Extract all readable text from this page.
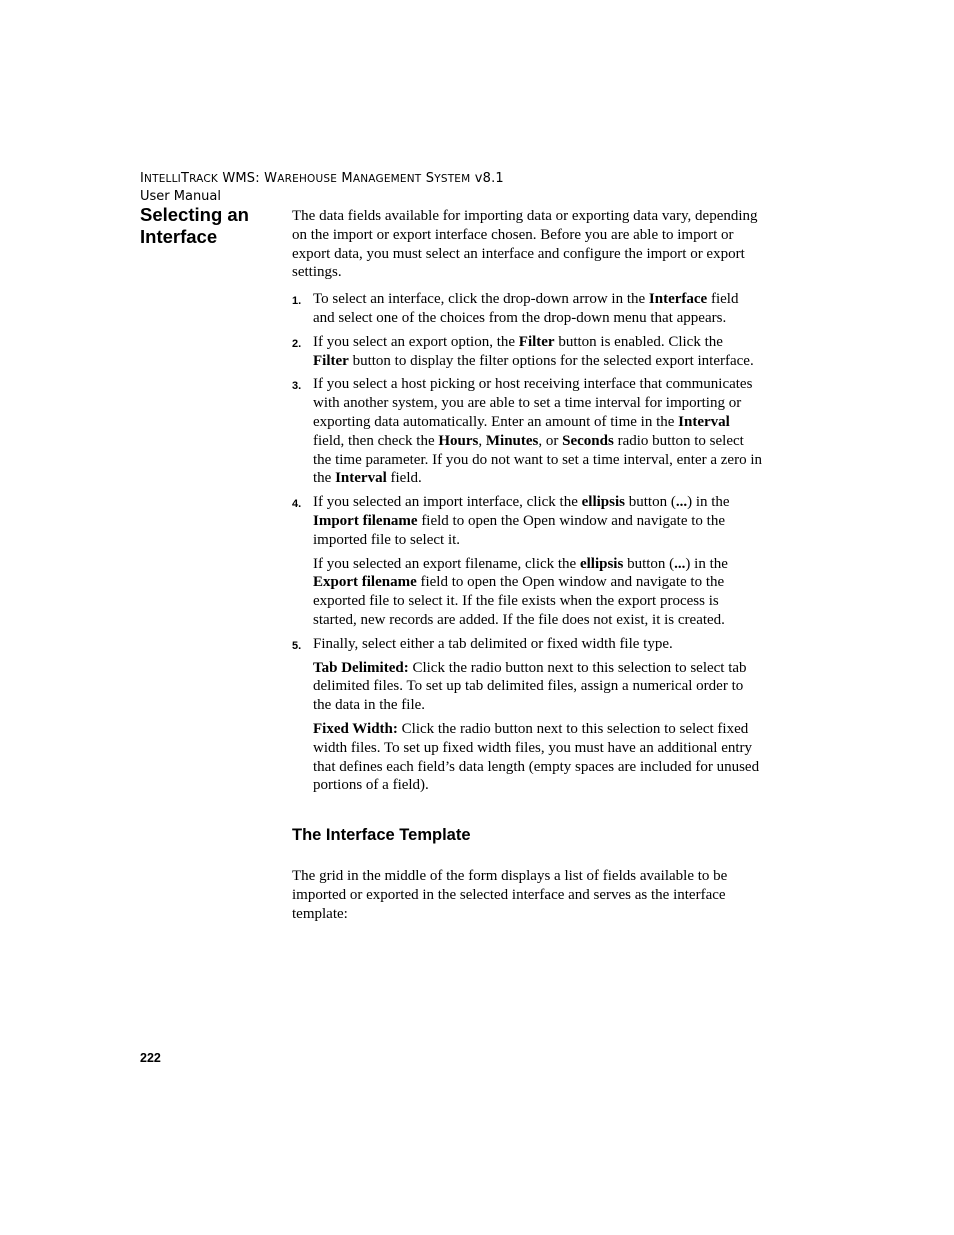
INTELLITRACK WMS: WAREHOUSE MANAGEMENT SYSTEM v8.1
User Manual
Selecting an Interface

The data fields available for importing data or exporting data vary, depending on the import or export interface chosen. Before you are able to import or export data, you must select an interface and configure the import or export settings.

1. To select an interface, click the drop-down arrow in the Interface field and select one of the choices from the drop-down menu that appears.
2. If you select an export option, the Filter button is enabled. Click the Filter button to display the filter options for the selected export interface.
3. If you select a host picking or host receiving interface that communicates with another system, you are able to set a time interval for importing or exporting data automatically. Enter an amount of time in the Interval field, then check the Hours, Minutes, or Seconds radio button to select the time parameter. If you do not want to set a time interval, enter a zero in the Interval field.
4. If you selected an import interface, click the ellipsis button (...) in the Import filename field to open the Open window and navigate to the imported file to select it.
If you selected an export filename, click the ellipsis button (...) in the Export filename field to open the Open window and navigate to the exported file to select it. If the file exists when the export process is started, new records are added. If the file does not exist, it is created.
5. Finally, select either a tab delimited or fixed width file type.
Tab Delimited: Click the radio button next to this selection to select tab delimited files. To set up tab delimited files, assign a numerical order to the data in the file.
Fixed Width: Click the radio button next to this selection to select fixed width files. To set up fixed width files, you must have an additional entry that defines each field’s data length (empty spaces are included for unused portions of a field).
The Interface Template

The grid in the middle of the form displays a list of fields available to be imported or exported in the selected interface and serves as the interface template:

222
